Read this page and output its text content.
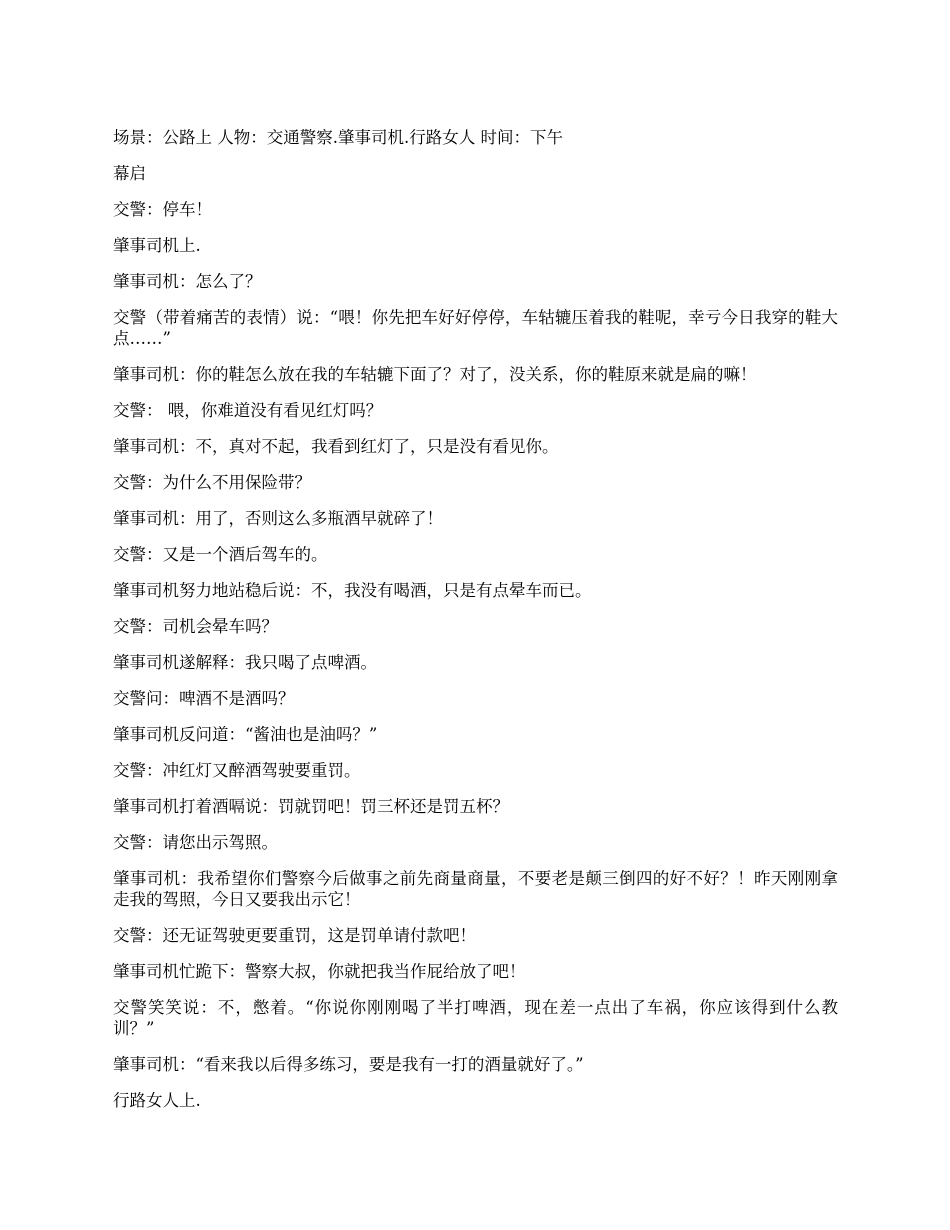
场景：公路上 人物：交通警察.肇事司机.行路女人 时间：下午

幕启

交警：停车！

肇事司机上.

肇事司机：怎么了？

交警（带着痛苦的表情）说：“喂！你先把车好好停停，车轱辘压着我的鞋呢，幸亏今日我穿的鞋大点……”

肇事司机：你的鞋怎么放在我的车轱辘下面了？对了，没关系，你的鞋原来就是扁的嘛！

交警： 喂，你难道没有看见红灯吗？

肇事司机：不，真对不起，我看到红灯了，只是没有看见你。

交警：为什么不用保险带？

肇事司机：用了，否则这么多瓶酒早就碎了！

交警：又是一个酒后驾车的。

肇事司机努力地站稳后说：不，我没有喝酒，只是有点晕车而已。

交警：司机会晕车吗？

肇事司机遂解释：我只喝了点啤酒。

交警问：啤酒不是酒吗？

肇事司机反问道：“酱油也是油吗？”

交警：冲红灯又醉酒驾驶要重罚。

肇事司机打着酒嗝说：罚就罚吧！罚三杯还是罚五杯？

交警：请您出示驾照。

肇事司机：我希望你们警察今后做事之前先商量商量，不要老是颠三倒四的好不好？！昨天刚刚拿走我的驾照，今日又要我出示它！

交警：还无证驾驶更要重罚，这是罚单请付款吧！

肇事司机忙跪下：警察大叔，你就把我当作屁给放了吧！

交警笑笑说：不，憋着。“你说你刚刚喝了半打啤酒，现在差一点出了车祸，你应该得到什么教训？”

肇事司机：“看来我以后得多练习，要是我有一打的酒量就好了。”

行路女人上.
